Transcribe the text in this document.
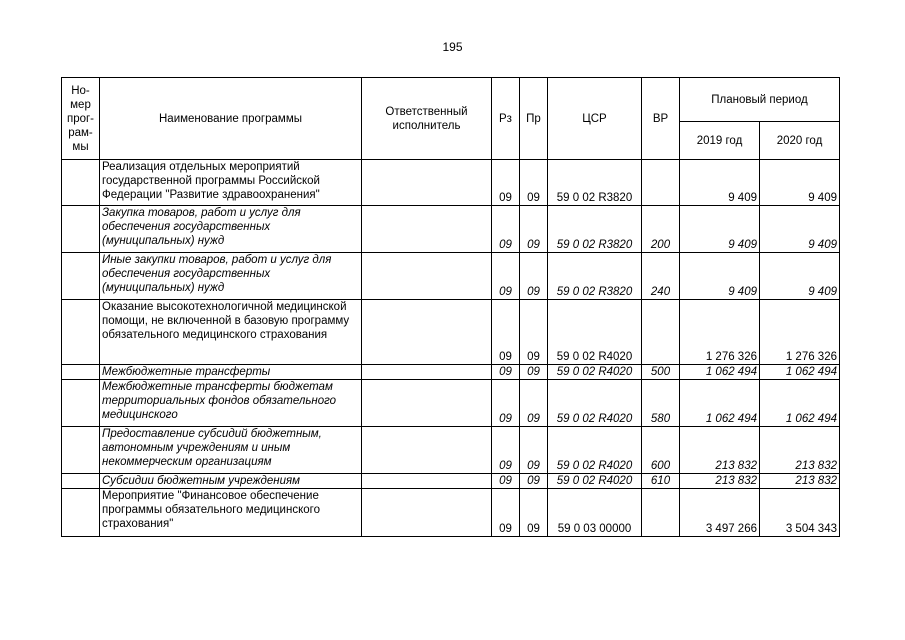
195
Но-
мер
прог-
рам-
мы	Наименование программы	Ответственный исполнитель	Рз	Пр	ЦСР	ВР	Плановый период	
							2019 год	2020 год
	Реализация отдельных мероприятий государственной программы Российской Федерации "Развитие здравоохранения"		09	09	59 0 02 R3820		9 409	9 409
	Закупка товаров, работ и услуг для обеспечения государственных (муниципальных) нужд		09	09	59 0 02 R3820	200	9 409	9 409
	Иные закупки товаров, работ и услуг для обеспечения государственных (муниципальных) нужд		09	09	59 0 02 R3820	240	9 409	9 409
	Оказание высокотехнологичной медицинской помощи, не включенной в базовую программу обязательного медицинского страхования		09	09	59 0 02 R4020		1 276 326	1 276 326
	Межбюджетные трансферты		09	09	59 0 02 R4020	500	1 062 494	1 062 494
	Межбюджетные трансферты бюджетам территориальных фондов обязательного медицинского		09	09	59 0 02 R4020	580	1 062 494	1 062 494
	Предоставление субсидий бюджетным, автономным учреждениям и иным некоммерческим организациям		09	09	59 0 02 R4020	600	213 832	213 832
	Субсидии бюджетным учреждениям		09	09	59 0 02 R4020	610	213 832	213 832
	Мероприятие "Финансовое обеспечение программы обязательного медицинского страхования"		09	09	59 0 03 00000		3 497 266	3 504 343
